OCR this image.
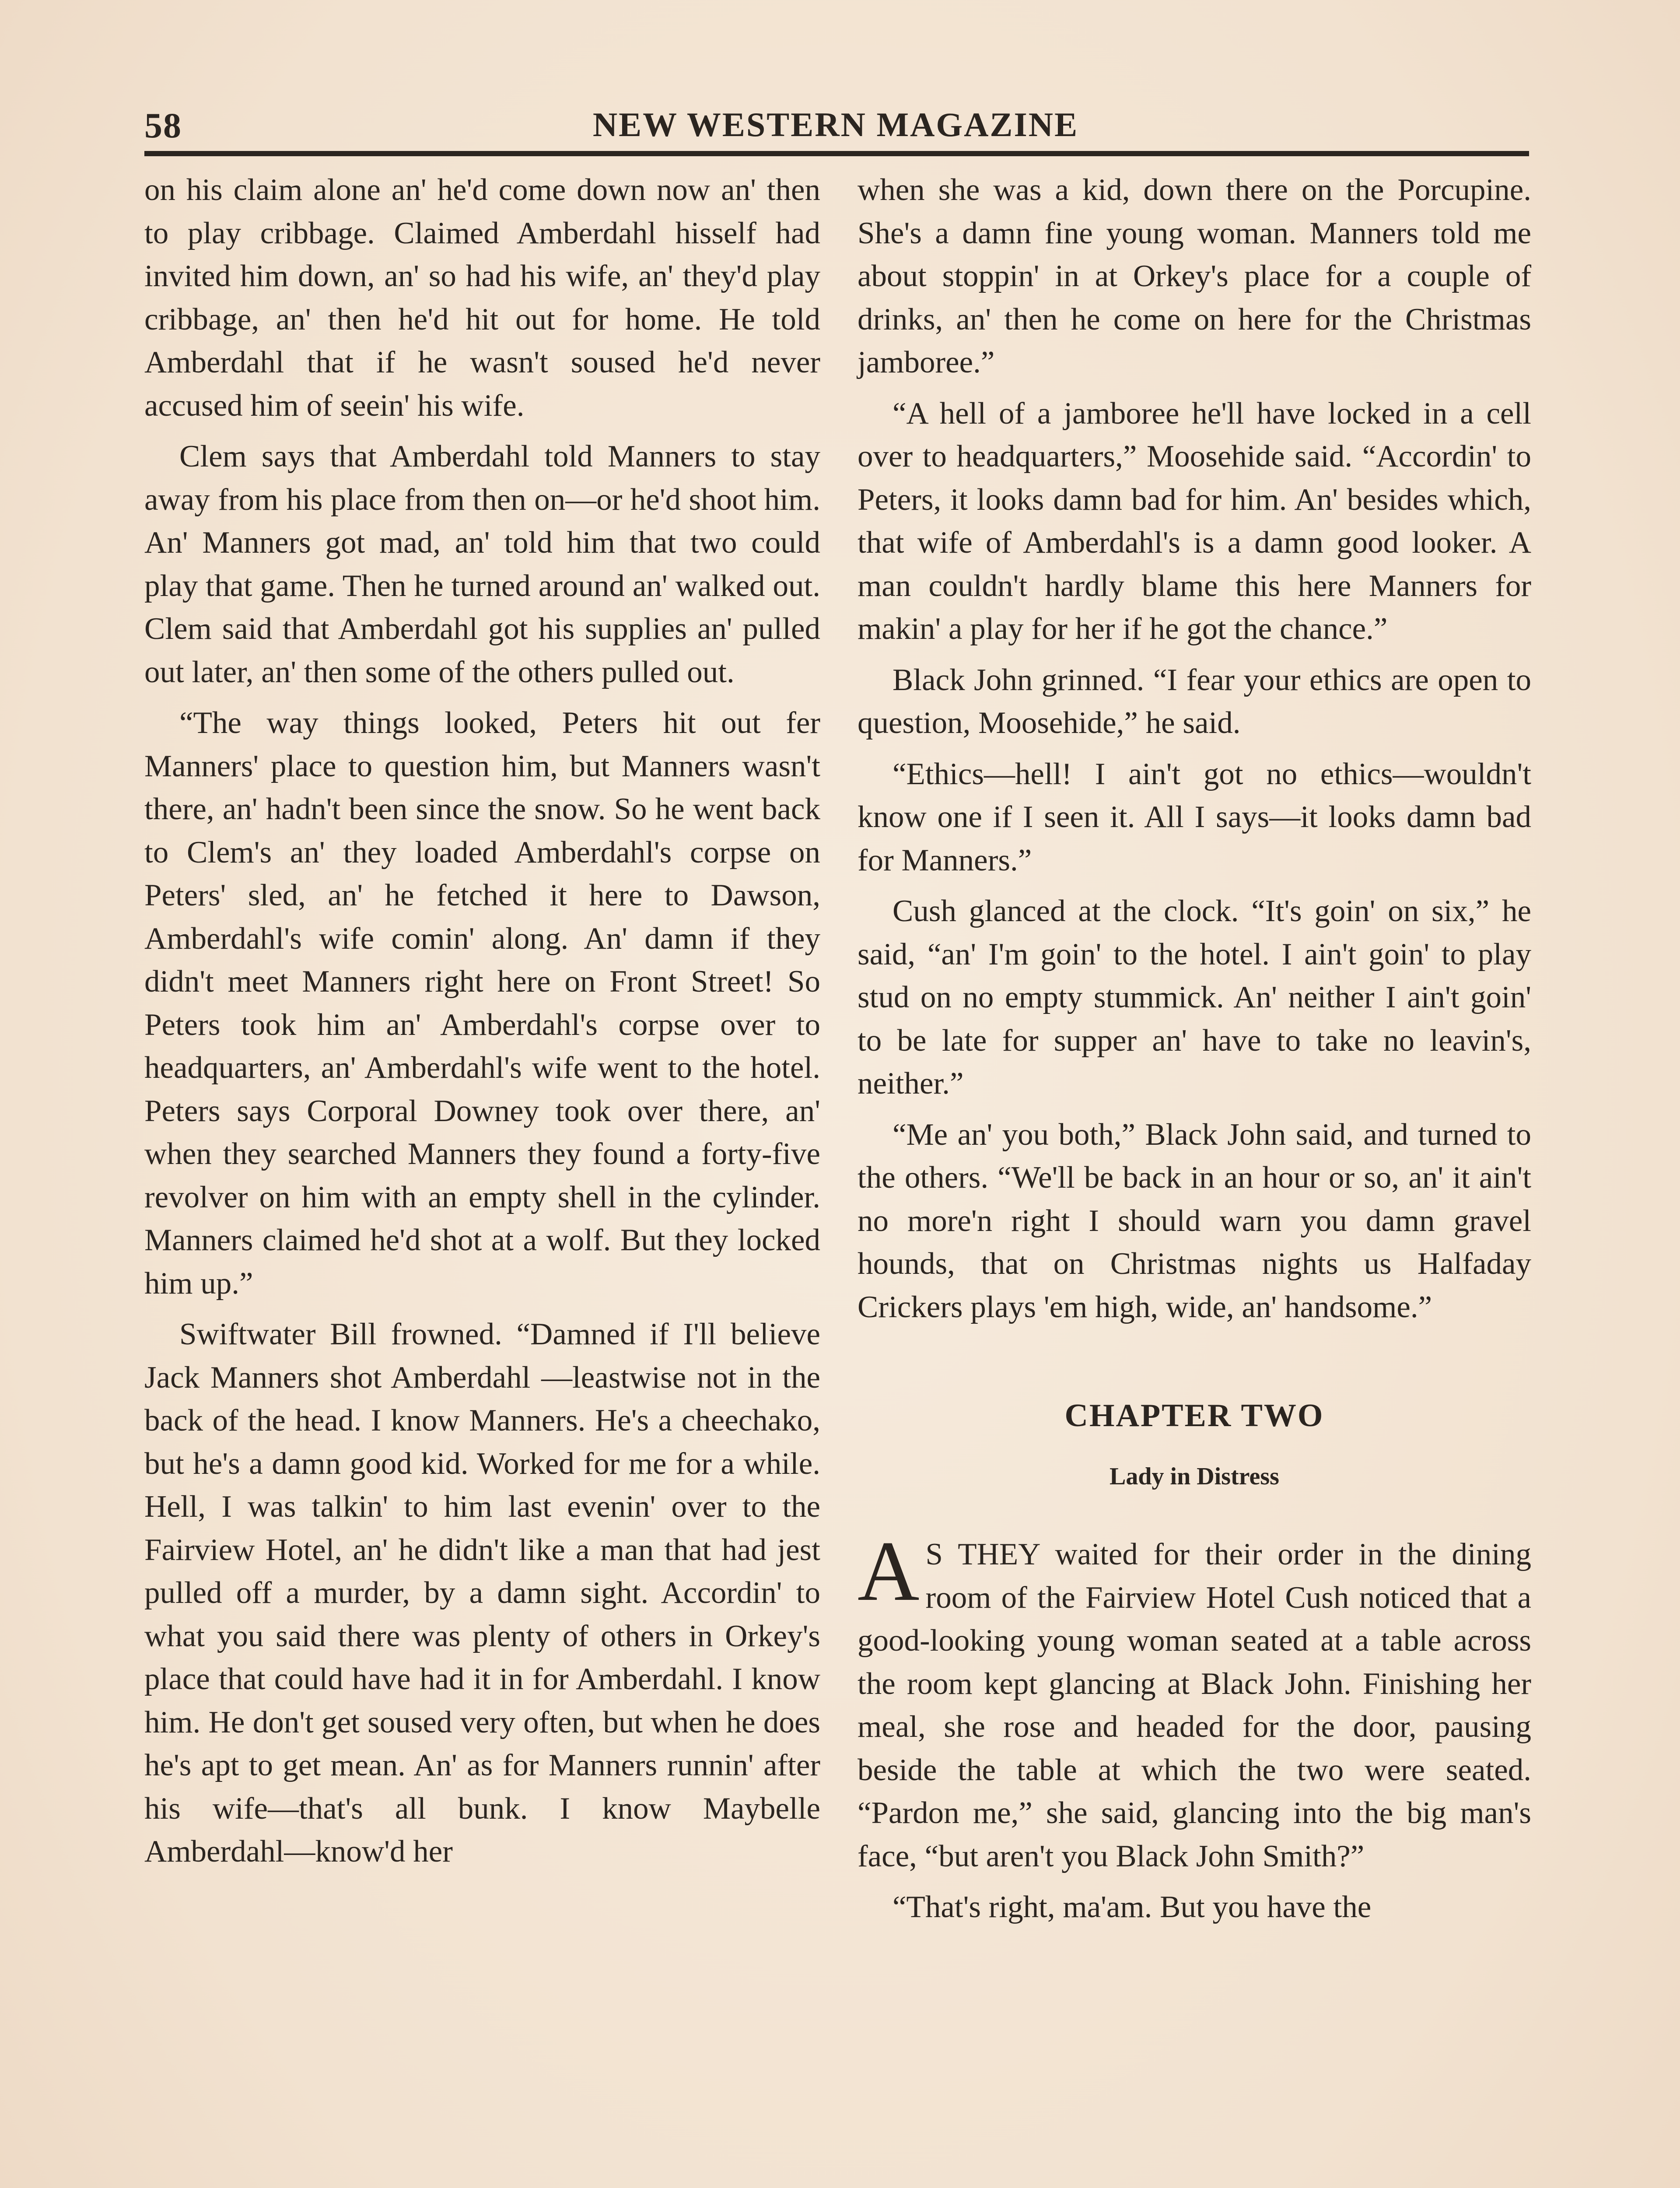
58	NEW WESTERN MAGAZINE

on his claim alone an' he'd come down now an' then to play cribbage. Claimed Amberdahl hisself had invited him down, an' so had his wife, an' they'd play cribbage, an' then he'd hit out for home. He told Amberdahl that if he wasn't soused he'd never accused him of seein' his wife.

Clem says that Amberdahl told Manners to stay away from his place from then on—or he'd shoot him. An' Manners got mad, an' told him that two could play that game. Then he turned around an' walked out. Clem said that Amberdahl got his supplies an' pulled out later, an' then some of the others pulled out.

“The way things looked, Peters hit out fer Manners' place to question him, but Manners wasn't there, an' hadn't been since the snow. So he went back to Clem's an' they loaded Amberdahl's corpse on Peters' sled, an' he fetched it here to Dawson, Amberdahl's wife comin' along. An' damn if they didn't meet Manners right here on Front Street! So Peters took him an' Amberdahl's corpse over to headquarters, an' Amberdahl's wife went to the hotel. Peters says Corporal Downey took over there, an' when they searched Manners they found a forty-five revolver on him with an empty shell in the cylinder. Manners claimed he'd shot at a wolf. But they locked him up.”

Swiftwater Bill frowned. “Damned if I'll believe Jack Manners shot Amberdahl —leastwise not in the back of the head. I know Manners. He's a cheechako, but he's a damn good kid. Worked for me for a while. Hell, I was talkin' to him last evenin' over to the Fairview Hotel, an' he didn't like a man that had jest pulled off a murder, by a damn sight. Accordin' to what you said there was plenty of others in Orkey's place that could have had it in for Amberdahl. I know him. He don't get soused very often, but when he does he's apt to get mean. An' as for Manners runnin' after his wife—that's all bunk. I know Maybelle Amberdahl—know'd her

when she was a kid, down there on the Porcupine. She's a damn fine young woman. Manners told me about stoppin' in at Orkey's place for a couple of drinks, an' then he come on here for the Christmas jamboree.”

“A hell of a jamboree he'll have locked in a cell over to headquarters,” Moosehide said. “Accordin' to Peters, it looks damn bad for him. An' besides which, that wife of Amberdahl's is a damn good looker. A man couldn't hardly blame this here Manners for makin' a play for her if he got the chance.”

Black John grinned. “I fear your ethics are open to question, Moosehide,” he said.

“Ethics—hell! I ain't got no ethics—wouldn't know one if I seen it. All I says—it looks damn bad for Manners.”

Cush glanced at the clock. “It's goin' on six,” he said, “an' I'm goin' to the hotel. I ain't goin' to play stud on no empty stummick. An' neither I ain't goin' to be late for supper an' have to take no leavin's, neither.”

“Me an' you both,” Black John said, and turned to the others. “We'll be back in an hour or so, an' it ain't no more'n right I should warn you damn gravel hounds, that on Christmas nights us Halfaday Crickers plays 'em high, wide, an' handsome.”

CHAPTER TWO
Lady in Distress

A S THEY waited for their order in the dining room of the Fairview Hotel Cush noticed that a good-looking young woman seated at a table across the room kept glancing at Black John. Finishing her meal, she rose and headed for the door, pausing beside the table at which the two were seated. “Pardon me,” she said, glancing into the big man's face, “but aren't you Black John Smith?”

“That's right, ma'am. But you have the
